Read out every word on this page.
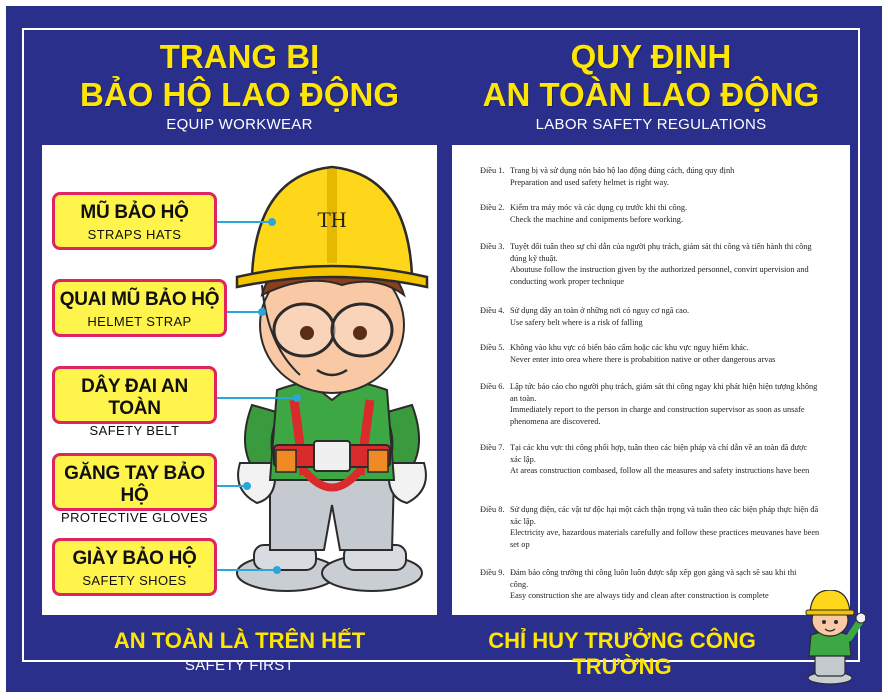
TRANG BỊ
BẢO HỘ LAO ĐỘNG
EQUIP WORKWEAR
QUY ĐỊNH
AN TOÀN LAO ĐỘNG
LABOR SAFETY REGULATIONS
TH
MŨ BẢO HỘ
STRAPS HATS
QUAI MŨ BẢO HỘ
HELMET STRAP
DÂY ĐAI AN TOÀN
SAFETY BELT
GĂNG TAY BẢO HỘ
PROTECTIVE GLOVES
GIÀY BẢO HỘ
SAFETY SHOES
Điều 1. Trang bị và sử dụng nón bảo hộ lao động đúng cách, đúng quy định
Preparation and used safety helmet is right way.
Điều 2. Kiểm tra máy móc và các dụng cụ trước khi thi công.
Check the machine and conipments before working.
Điều 3. Tuyệt đối tuân theo sự chỉ dẫn của người phụ trách, giám sát thi công và tiến hành thi công đúng kỹ thuật.
Aboutuse follow the instruction given by the authorized personnel, convirt upervision and conducting work proper technique
Điều 4. Sử dụng dây an toàn ở những nơi có nguy cơ ngã cao.
Use safery belt where is a risk of falling
Điều 5. Không vào khu vực có biển báo cấm hoặc các khu vực nguy hiểm khác.
Never enter into orea where there is probabition native or other dangerous arvas
Điều 6. Lập tức báo cáo cho người phụ trách, giám sát thi công ngay khi phát hiện hiện tượng không an toàn.
Immediately report to the person in charge and construction supervisor as soon as unsafe phenomena are discovered.
Điều 7. Tại các khu vực thi công phổi hợp, tuân theo các biện pháp và chỉ dẫn về an toàn đã được xác lập.
At areas construction combased, follow all the measures and safety instructions have been
Điều 8. Sử dụng điện, các vật tư độc hại một cách thận trọng và tuân theo các biện pháp thực hiện đã xác lập.
Electricity ave, hazardous materials carefully and follow these practices meuvanes have been set op
Điều 9. Đảm bảo công trường thi công luôn luôn được sắp xếp gọn gàng và sạch sẽ sau khi thi công.
Easy construction she are always tidy and clean after construction is complete
AN TOÀN LÀ TRÊN HẾT
SAFETY FIRST
CHỈ HUY TRƯỞNG CÔNG TRƯỜNG
